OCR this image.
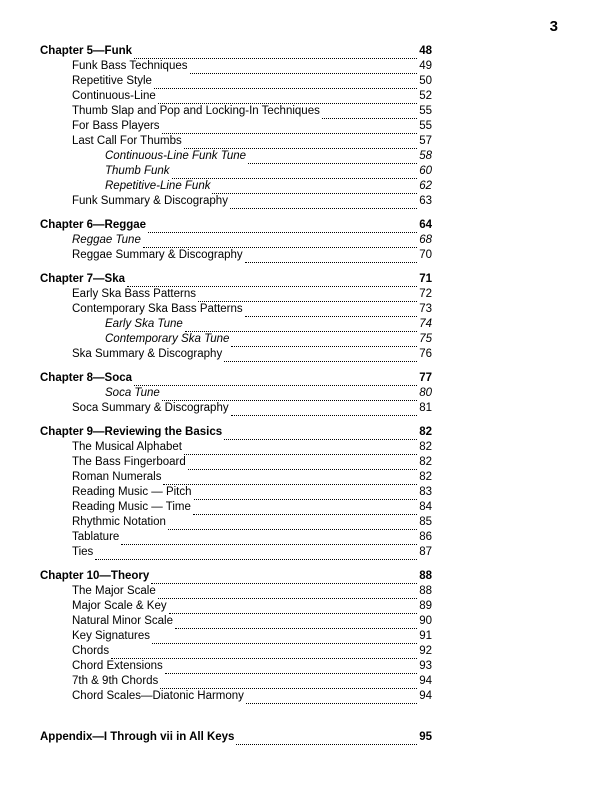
3
Chapter 5—Funk	48
Funk Bass Techniques	49
Repetitive Style	50
Continuous-Line	52
Thumb Slap and Pop and Locking-In Techniques	55
For Bass Players	55
Last Call For Thumbs	57
Continuous-Line Funk Tune	58
Thumb Funk	60
Repetitive-Line Funk	62
Funk Summary & Discography	63
Chapter 6—Reggae	64
Reggae Tune	68
Reggae Summary & Discography	70
Chapter 7—Ska	71
Early Ska Bass Patterns	72
Contemporary Ska Bass Patterns	73
Early Ska Tune	74
Contemporary Ska Tune	75
Ska Summary & Discography	76
Chapter 8—Soca	77
Soca Tune	80
Soca Summary & Discography	81
Chapter 9—Reviewing the Basics	82
The Musical Alphabet	82
The Bass Fingerboard	82
Roman Numerals	82
Reading Music — Pitch	83
Reading Music — Time	84
Rhythmic Notation	85
Tablature	86
Ties	87
Chapter 10—Theory	88
The Major Scale	88
Major Scale & Key	89
Natural Minor Scale	90
Key Signatures	91
Chords	92
Chord Extensions	93
7th & 9th Chords	94
Chord Scales—Diatonic Harmony	94
Appendix—I Through vii in All Keys	95
